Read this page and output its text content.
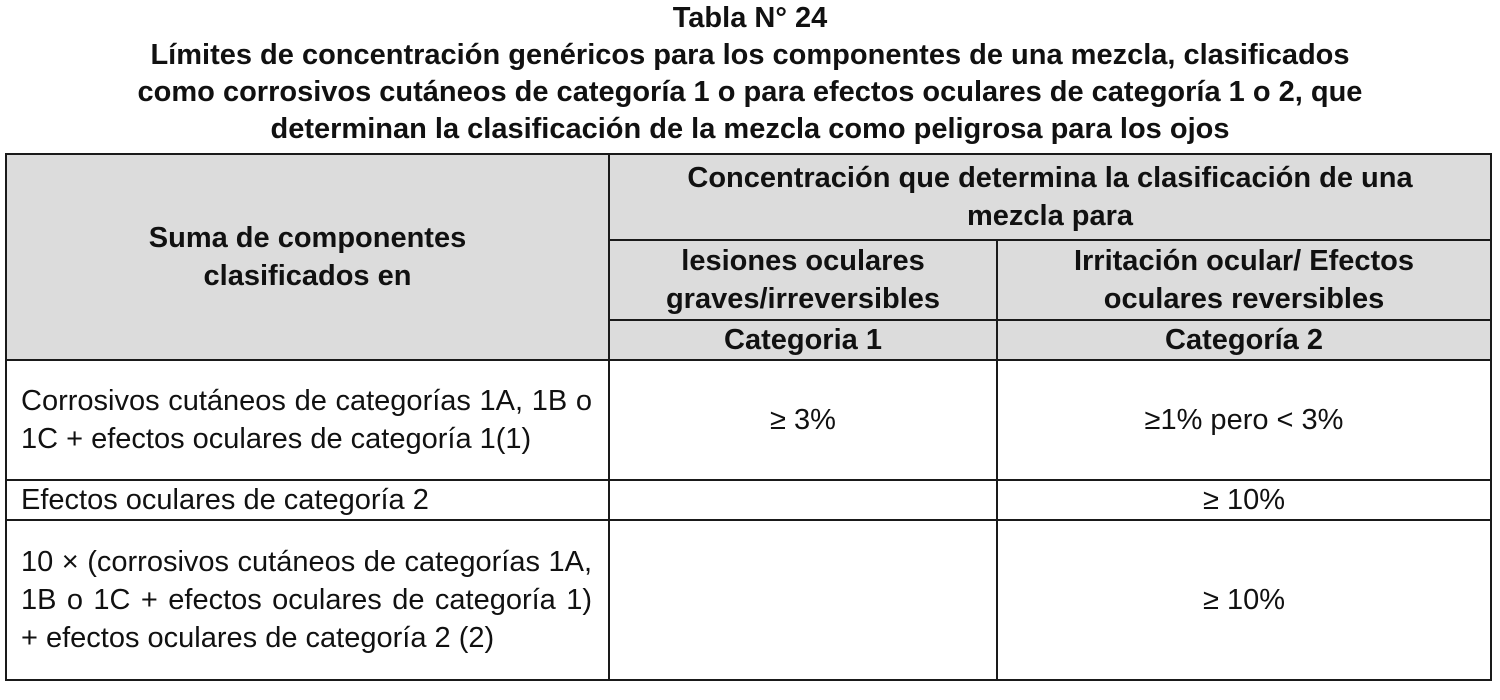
Tabla N° 24
Límites de concentración genéricos para los componentes de una mezcla, clasificados
como corrosivos cutáneos de categoría 1 o para efectos oculares de categoría 1 o 2, que
determinan la clasificación de la mezcla como peligrosa para los ojos
Suma de componentes clasificados en	Concentración que determina la clasificación de una mezcla para	
	lesiones oculares graves/irreversibles	Irritación ocular/ Efectos oculares reversibles
	Categoria 1	Categoría 2
Corrosivos cutáneos de categorías 1A, 1B o 1C + efectos oculares de categoría 1(1)	≥ 3%	≥1% pero < 3%
Efectos oculares de categoría 2		≥ 10%
10 × (corrosivos cutáneos de categorías 1A, 1B o 1C + efectos oculares de categoría 1) + efectos oculares de categoría 2 (2)		≥ 10%
